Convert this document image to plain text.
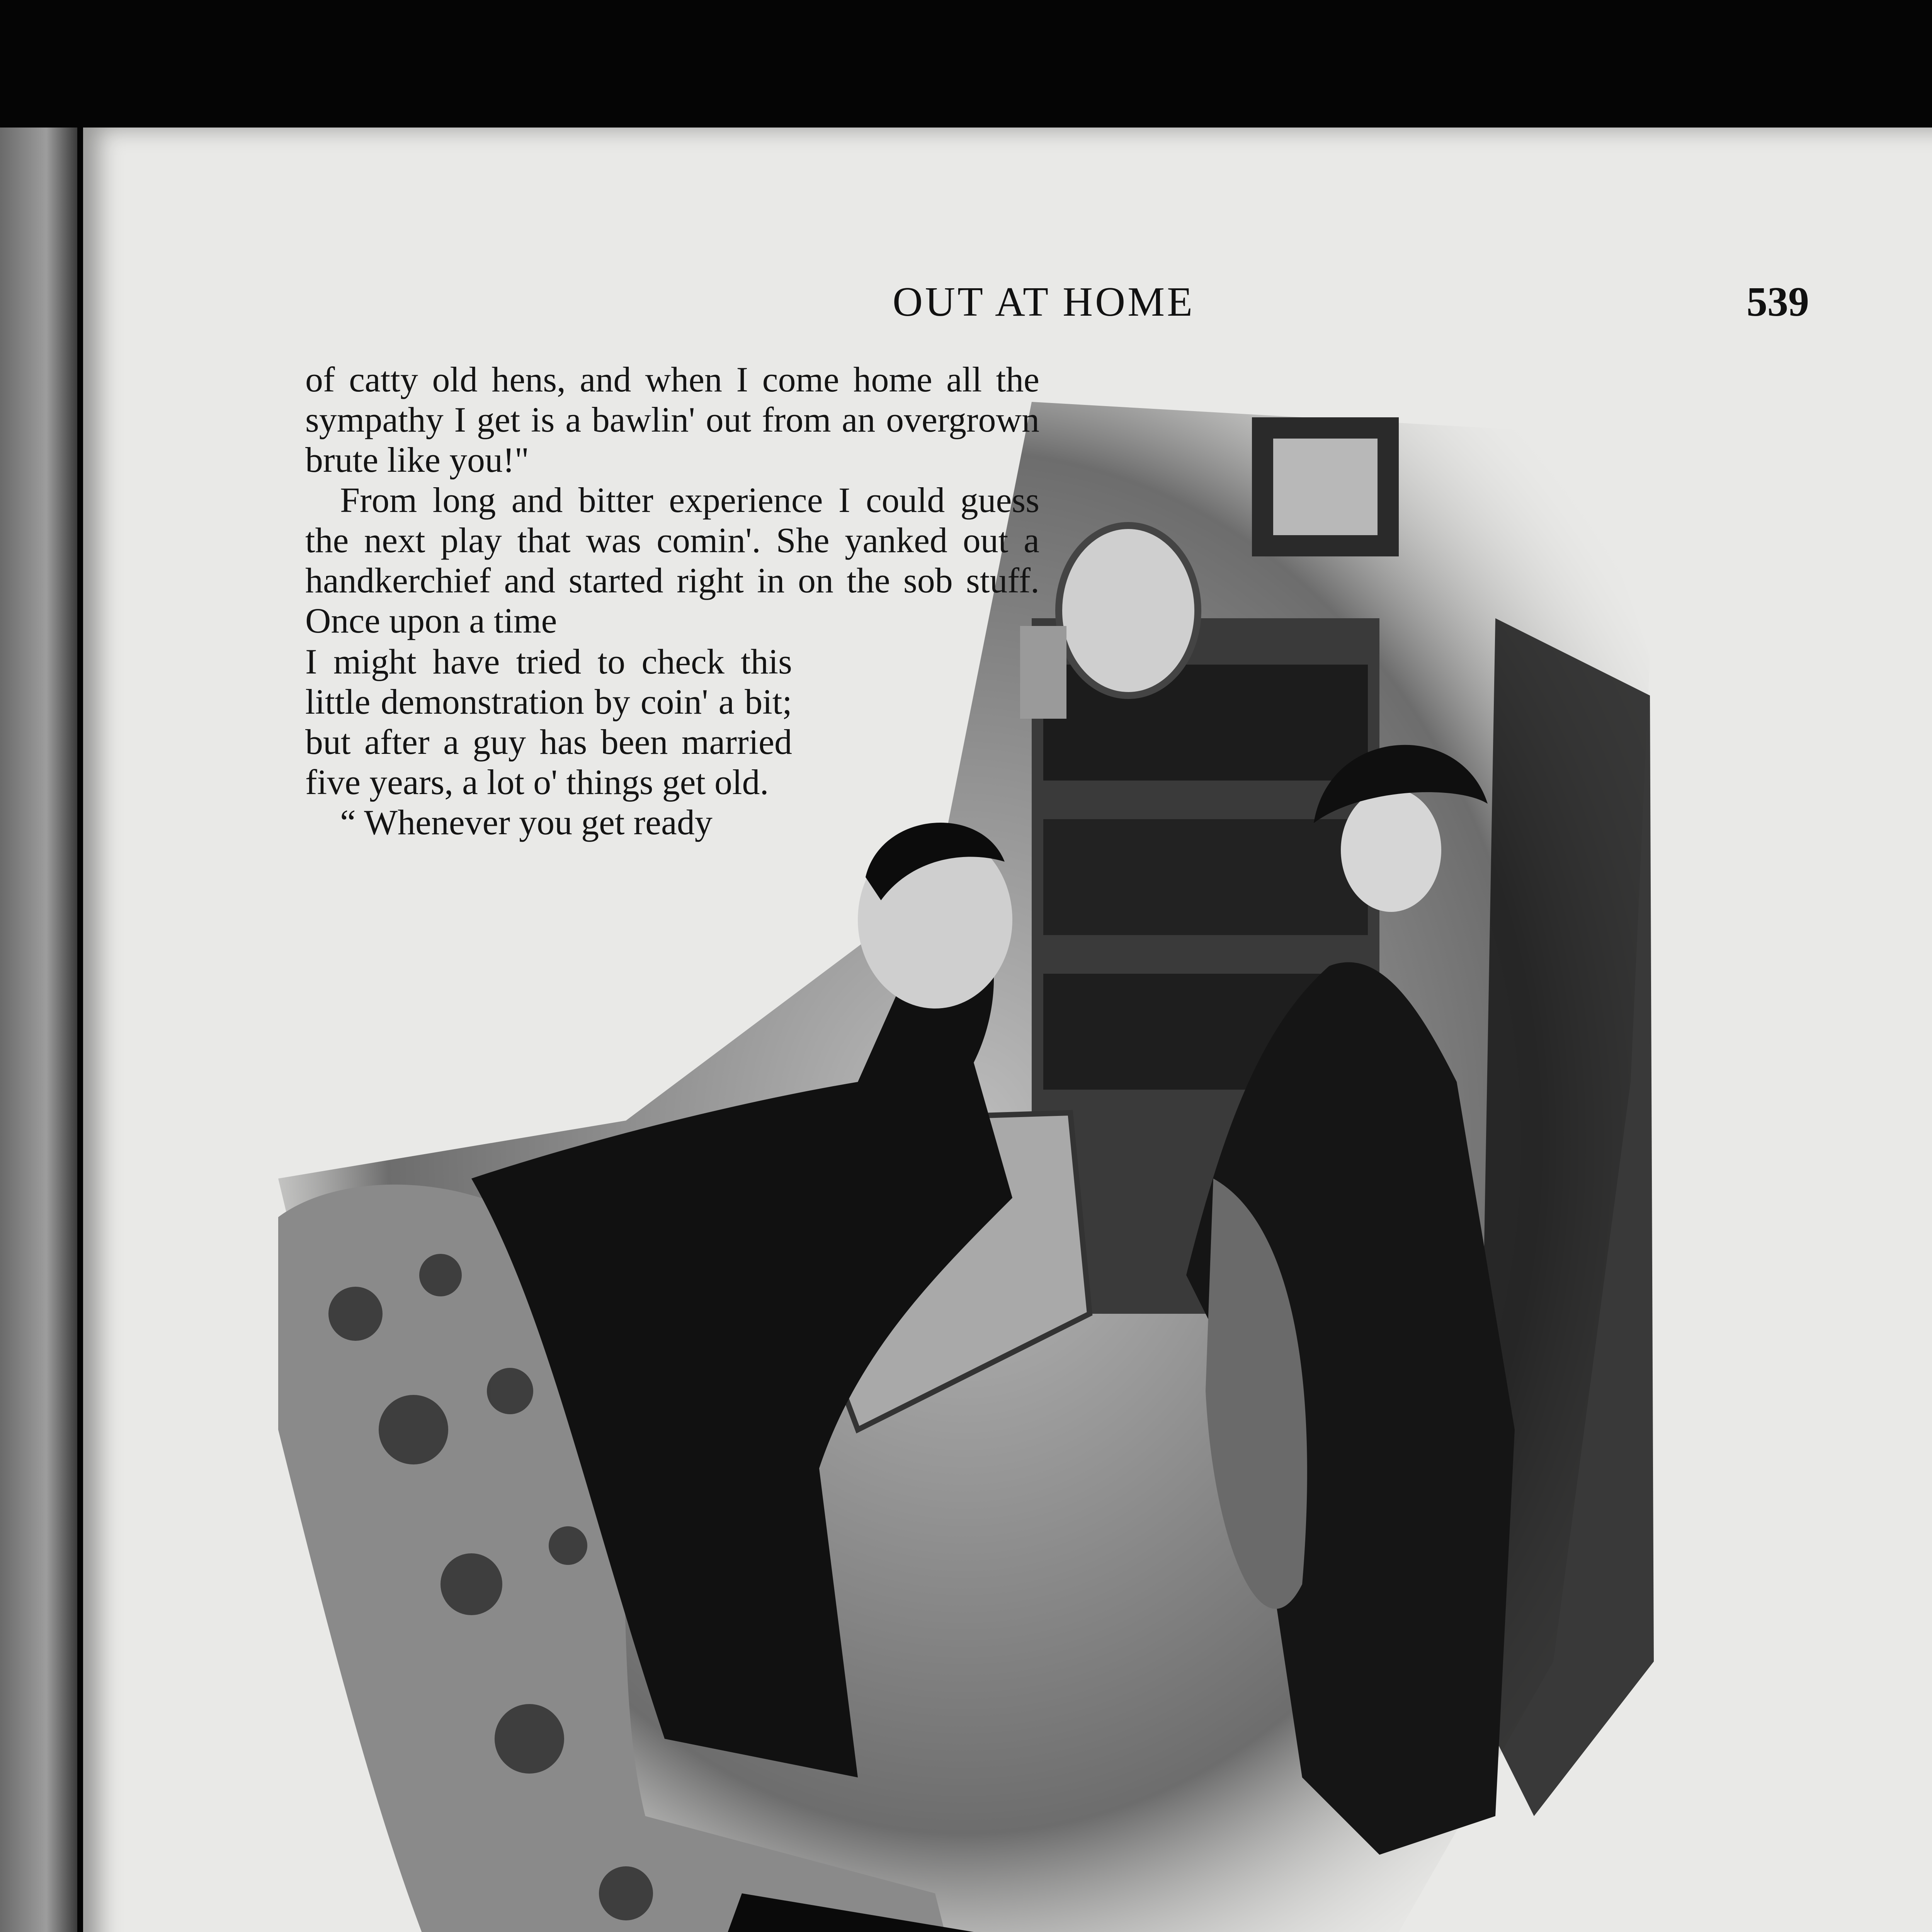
OUT AT HOME	539

of catty old hens, and when I come home all the sympathy I get is a bawlin' out from an overgrown brute like you!"

From long and bitter experience I could guess the next play that was comin'. She yanked out a handkerchief and started right in on the sob stuff. Once upon a time

I might have tried to check this little demonstration by coin' a bit; but after a guy has been married five years, a lot o' things get old.

“ Whenever you get ready
